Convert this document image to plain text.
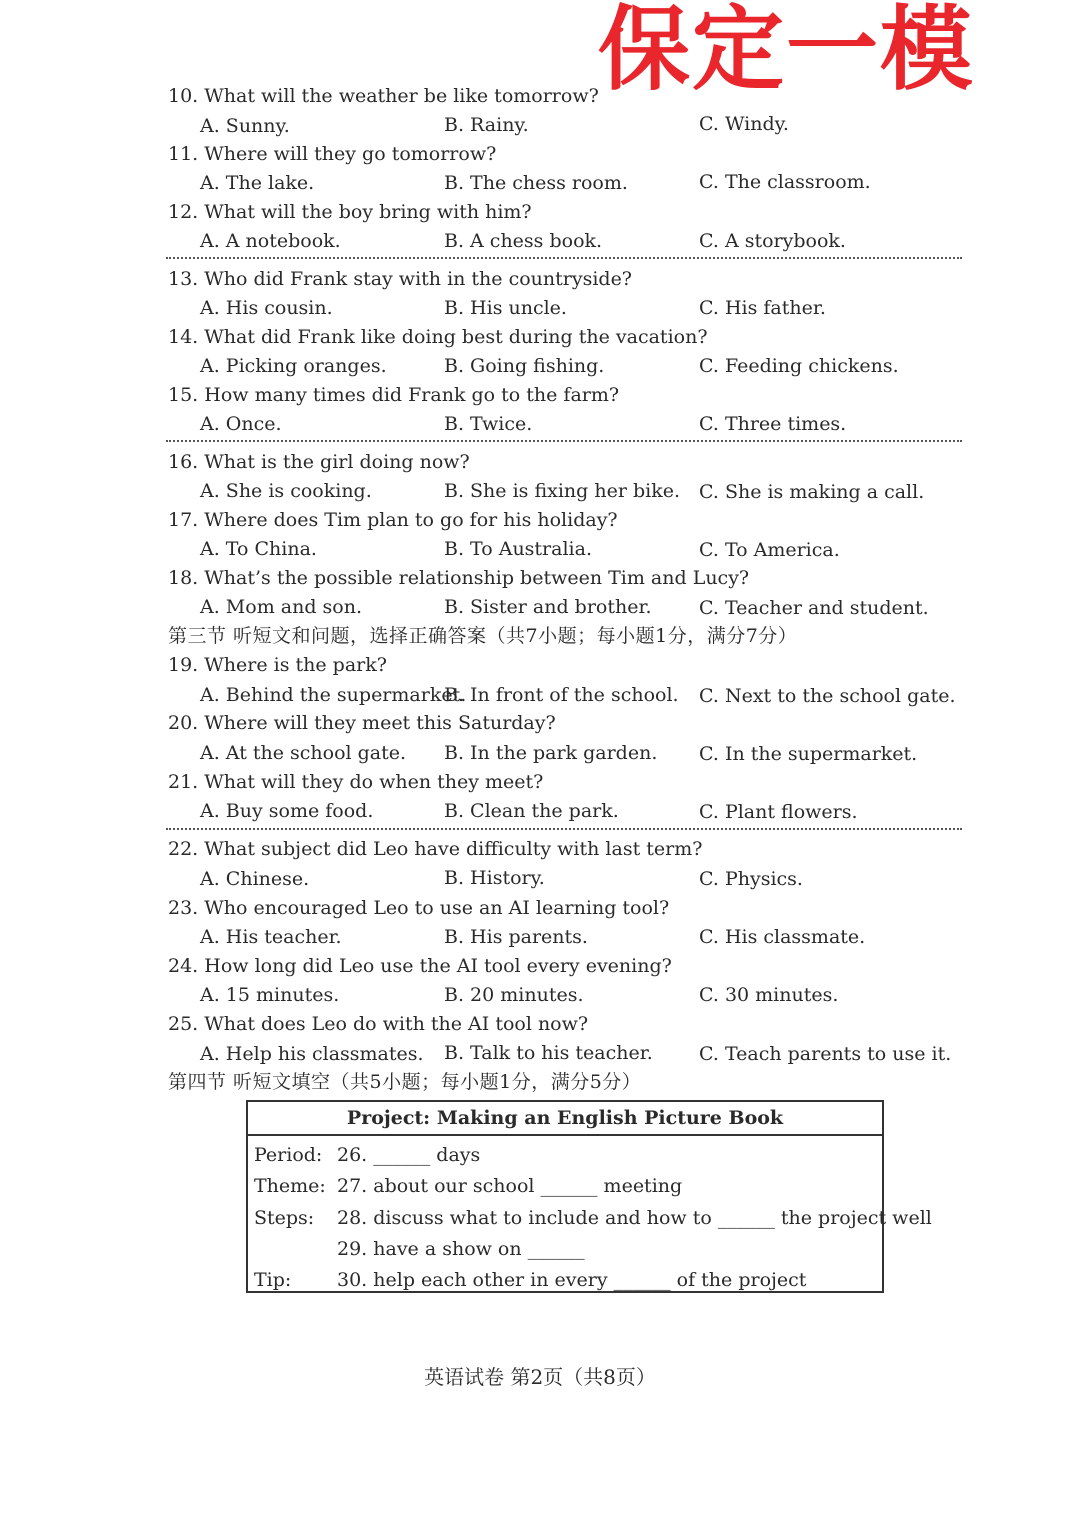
保定一模
10. What will the weather be like tomorrow?
A. Sunny.	B. Rainy.	C. Windy.
11. Where will they go tomorrow?
A. The lake.	B. The chess room.	C. The classroom.
12. What will the boy bring with him?
A. A notebook.	B. A chess book.	C. A storybook.
13. Who did Frank stay with in the countryside?
A. His cousin.	B. His uncle.	C. His father.
14. What did Frank like doing best during the vacation?
A. Picking oranges.	B. Going fishing.	C. Feeding chickens.
15. How many times did Frank go to the farm?
A. Once.	B. Twice.	C. Three times.
16. What is the girl doing now?
A. She is cooking.	B. She is fixing her bike. C. She is making a call.
17. Where does Tim plan to go for his holiday?
A. To China.	B. To Australia.	C. To America.
18. What’s the possible relationship between Tim and Lucy?
A. Mom and son.	B. Sister and brother.	C. Teacher and student.
第三节 听短文和问题，选择正确答案（共7小题；每小题1分，满分7分）
19. Where is the park?
A. Behind the supermarket.
B. In front of the school. C. Next to the school gate.
20. Where will they meet this Saturday?
A. At the school gate. B. In the park garden. C. In the supermarket.
21. What will they do when they meet?
A. Buy some food.	B. Clean the park.	C. Plant flowers.
22. What subject did Leo have difficulty with last term?
A. Chinese.	B. History.	C. Physics.
23. Who encouraged Leo to use an AI learning tool?
A. His teacher.	B. His parents.	C. His classmate.
24. How long did Leo use the AI tool every evening?
A. 15 minutes.	B. 20 minutes.	C. 30 minutes.
25. What does Leo do with the AI tool now?
A. Help his classmates. B. Talk to his teacher. C. Teach parents to use it.
第四节 听短文填空（共5小题；每小题1分，满分5分）
Project: Making an English Picture Book
Period: 26. ______ days
Theme: 27. about our school ______ meeting
Steps: 28. discuss what to include and how to ______ the project well
29. have a show on ______
Tip: 30. help each other in every ______ of the project
英语试卷 第2页（共8页）
